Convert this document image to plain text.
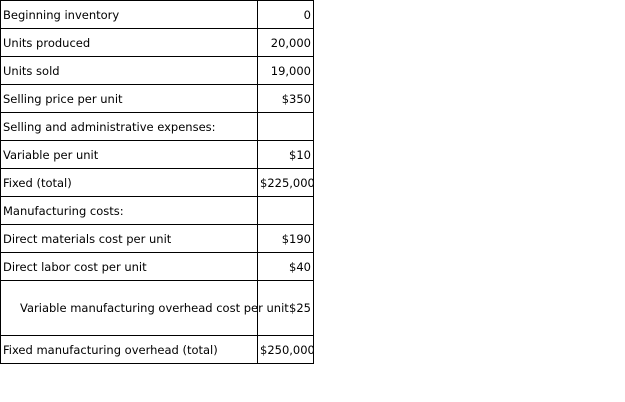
Beginning inventory	0
Units produced	20,000
Units sold	19,000
Selling price per unit	$350
Selling and administrative expenses:	
Variable per unit	$10
Fixed (total)	$225,000
Manufacturing costs:	
Direct materials cost per unit	$190
Direct labor cost per unit	$40
Variable manufacturing overhead cost per unit	$25
Fixed manufacturing overhead (total)	$250,000
